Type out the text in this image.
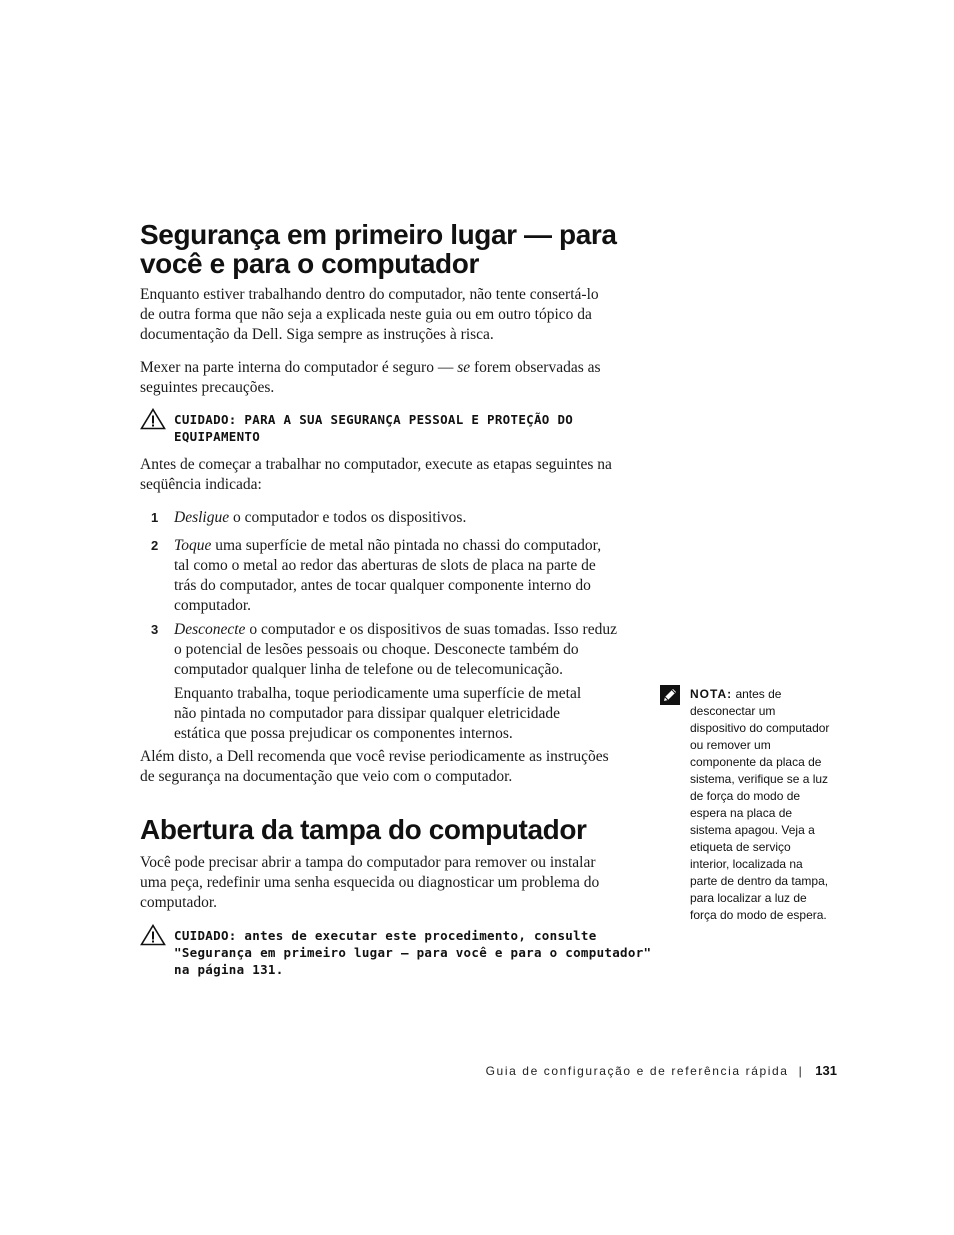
Segurança em primeiro lugar — para
você e para o computador
Enquanto estiver trabalhando dentro do computador, não tente consertá-lo
de outra forma que não seja a explicada neste guia ou em outro tópico da
documentação da Dell. Siga sempre as instruções à risca.
Mexer na parte interna do computador é seguro — se forem observadas as
seguintes precauções.
CUIDADO: PARA A SUA SEGURANÇA PESSOAL E PROTEÇÃO DO
EQUIPAMENTO
Antes de começar a trabalhar no computador, execute as etapas seguintes na
seqüência indicada:
1 Desligue o computador e todos os dispositivos.
2 Toque uma superfície de metal não pintada no chassi do computador,
tal como o metal ao redor das aberturas de slots de placa na parte de
trás do computador, antes de tocar qualquer componente interno do
computador.
3 Desconecte o computador e os dispositivos de suas tomadas. Isso reduz
o potencial de lesões pessoais ou choque. Desconecte também do
computador qualquer linha de telefone ou de telecomunicação.
Enquanto trabalha, toque periodicamente uma superfície de metal
não pintada no computador para dissipar qualquer eletricidade
estática que possa prejudicar os componentes internos.
Além disto, a Dell recomenda que você revise periodicamente as instruções
de segurança na documentação que veio com o computador.
Abertura da tampa do computador
Você pode precisar abrir a tampa do computador para remover ou instalar
uma peça, redefinir uma senha esquecida ou diagnosticar um problema do
computador.
CUIDADO: antes de executar este procedimento, consulte
"Segurança em primeiro lugar — para você e para o computador"
na página 131.
NOTA: antes de
desconectar um
dispositivo do computador
ou remover um
componente da placa de
sistema, verifique se a luz
de força do modo de
espera na placa de
sistema apagou. Veja a
etiqueta de serviço
interior, localizada na
parte de dentro da tampa,
para localizar a luz de
força do modo de espera.
Guia de configuração e de referência rápida | 131
